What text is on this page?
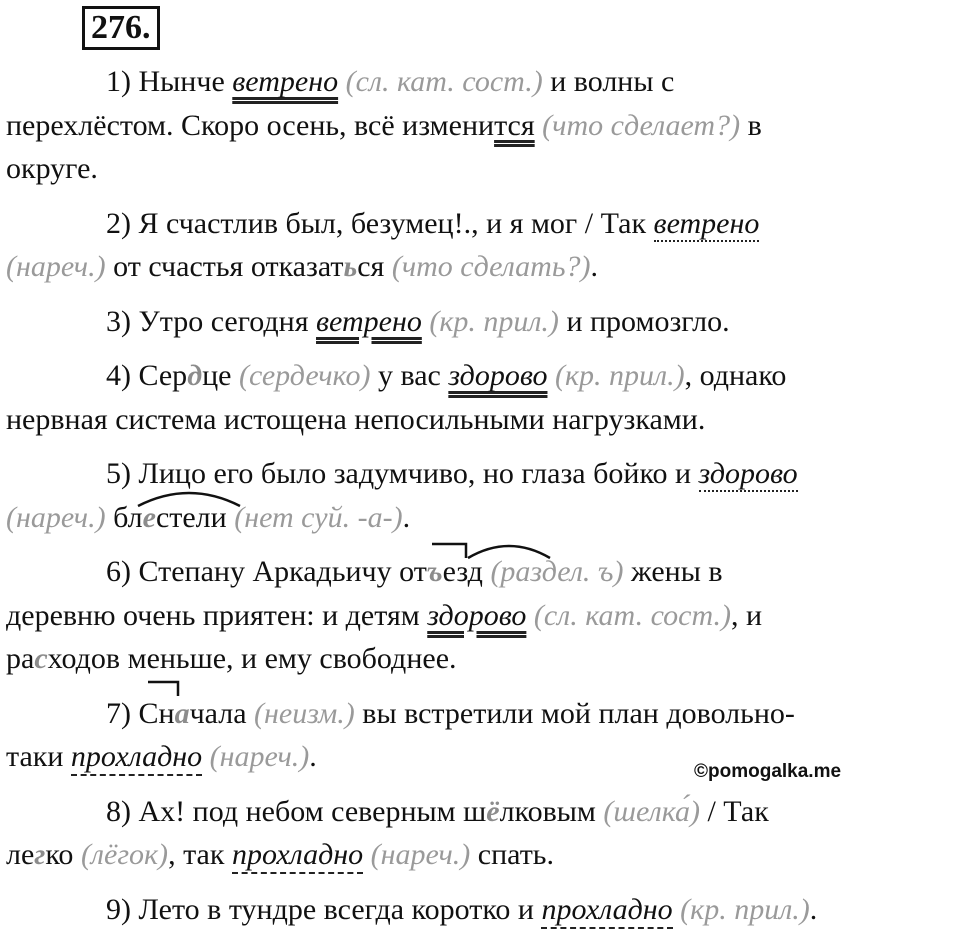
276.
1) Нынче ветрено (сл. кат. сост.) и волны с
перехлёстом. Скоро осень, всё изменится (что сделает?) в
округе.
2) Я счастлив был, безумец!., и я мог / Так ветрено
(нареч.) от счастья отказаться (что сделать?).
3) Утро сегодня ветрено (кр. прил.) и промозгло.
4) Сердце (сердечко) у вас здорово (кр. прил.), однако
нервная система истощена непосильными нагрузками.
5) Лицо его было задумчиво, но глаза бойко и здорово
(нареч.) блестели (нет суй. -а-).
6) Степану Аркадьичу отъезд (раздел. ъ) жены в
деревню очень приятен: и детям здорово (сл. кат. сост.), и
расходов меньше, и ему свободнее.
7) Сначала (неизм.) вы встретили мой план довольно-
таки прохладно (нареч.).
8) Ах! под небом северным шёлковым (шелка́) / Так
легко (лёгок), так прохладно (нареч.) спать.
9) Лето в тундре всегда коротко и прохладно (кр. прил.).
©pomogalka.me
